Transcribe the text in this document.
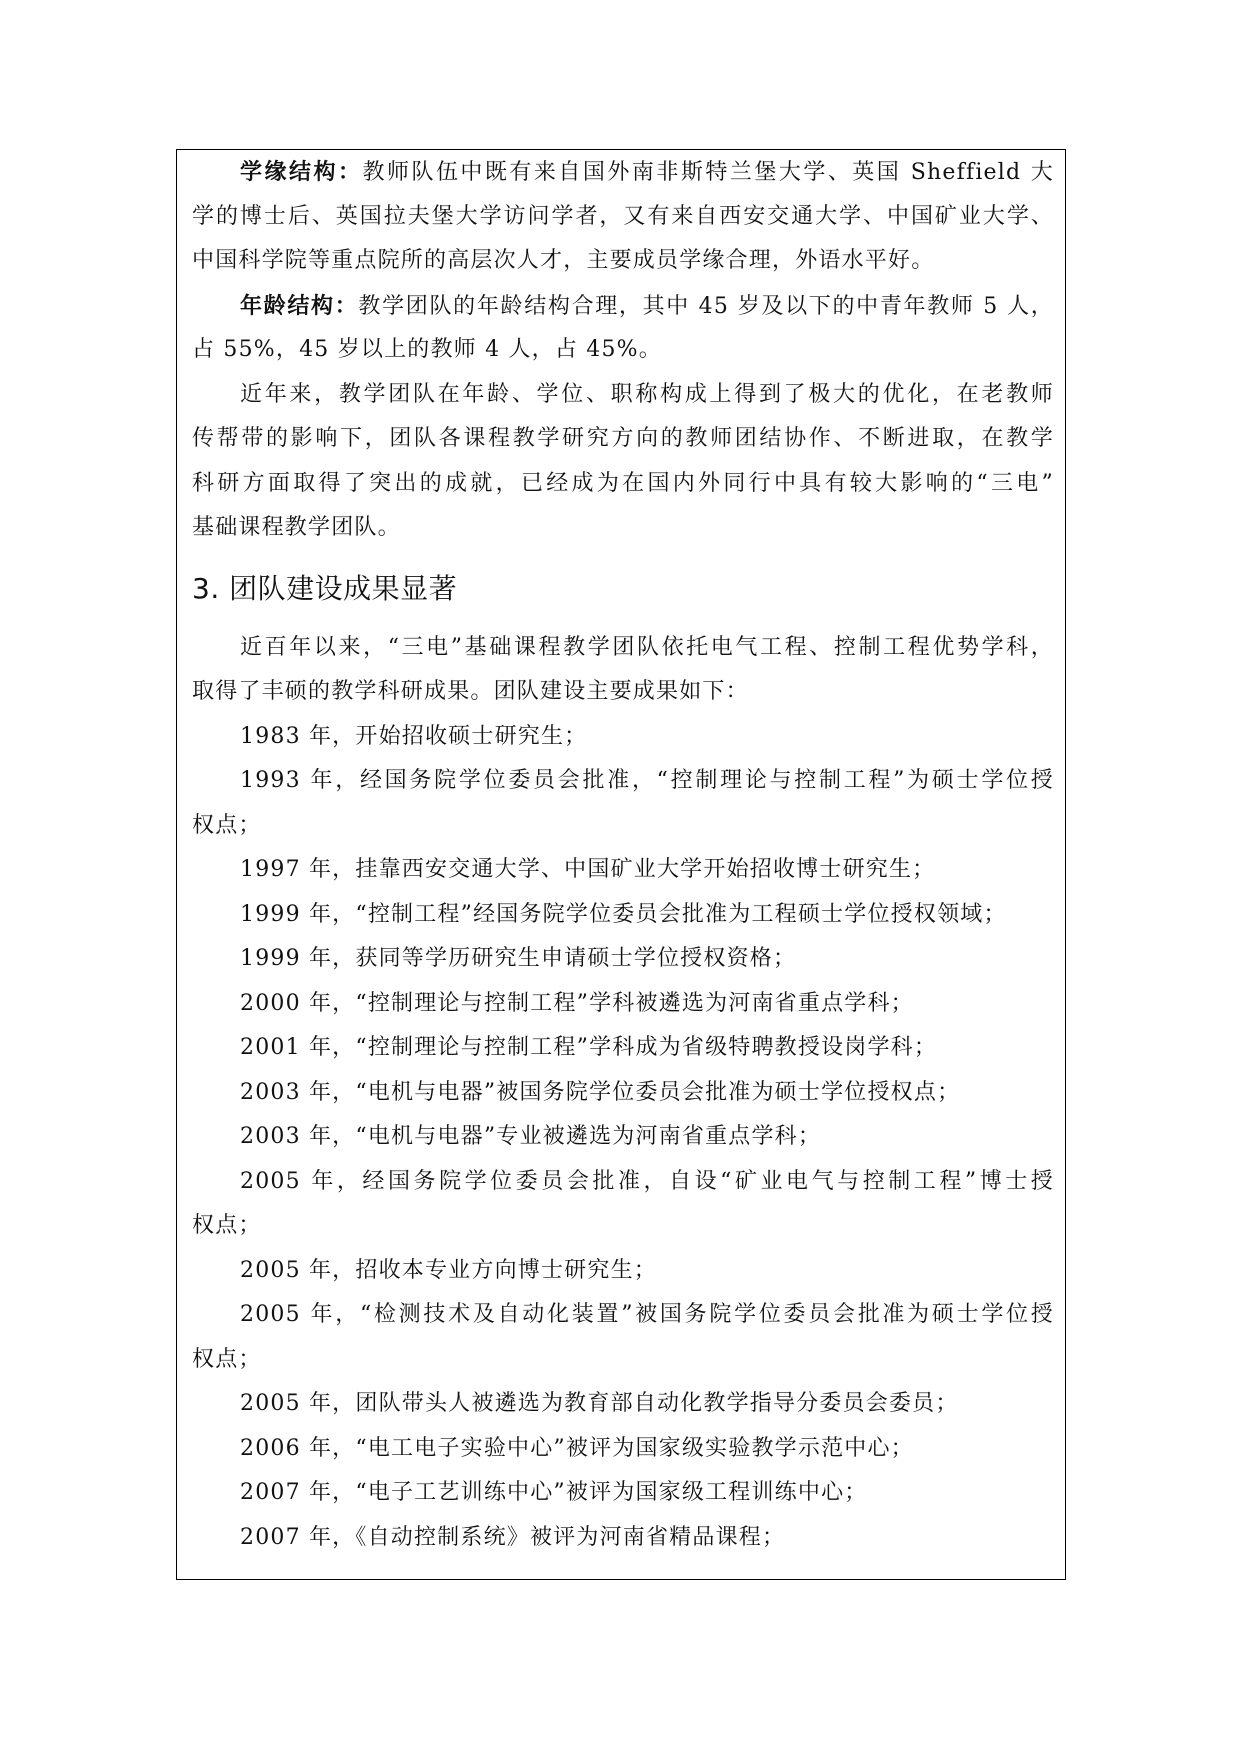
学缘结构：教师队伍中既有来自国外南非斯特兰堡大学、英国 Sheffield 大
学的博士后、英国拉夫堡大学访问学者，又有来自西安交通大学、中国矿业大学、
中国科学院等重点院所的高层次人才，主要成员学缘合理，外语水平好。
年龄结构：教学团队的年龄结构合理，其中 45 岁及以下的中青年教师 5 人，
占 55%，45 岁以上的教师 4 人，占 45%。
近年来，教学团队在年龄、学位、职称构成上得到了极大的优化，在老教师
传帮带的影响下，团队各课程教学研究方向的教师团结协作、不断进取，在教学
科研方面取得了突出的成就，已经成为在国内外同行中具有较大影响的“三电”
基础课程教学团队。
3. 团队建设成果显著
近百年以来，“三电”基础课程教学团队依托电气工程、控制工程优势学科，
取得了丰硕的教学科研成果。团队建设主要成果如下：
1983 年，开始招收硕士研究生；
1993 年，经国务院学位委员会批准，“控制理论与控制工程”为硕士学位授
权点；
1997 年，挂靠西安交通大学、中国矿业大学开始招收博士研究生；
1999 年，“控制工程”经国务院学位委员会批准为工程硕士学位授权领域；
1999 年，获同等学历研究生申请硕士学位授权资格；
2000 年，“控制理论与控制工程”学科被遴选为河南省重点学科；
2001 年，“控制理论与控制工程”学科成为省级特聘教授设岗学科；
2003 年，“电机与电器”被国务院学位委员会批准为硕士学位授权点；
2003 年，“电机与电器”专业被遴选为河南省重点学科；
2005 年，经国务院学位委员会批准，自设“矿业电气与控制工程”博士授
权点；
2005 年，招收本专业方向博士研究生；
2005 年，“检测技术及自动化装置”被国务院学位委员会批准为硕士学位授
权点；
2005 年，团队带头人被遴选为教育部自动化教学指导分委员会委员；
2006 年，“电工电子实验中心”被评为国家级实验教学示范中心；
2007 年，“电子工艺训练中心”被评为国家级工程训练中心；
2007 年，《自动控制系统》被评为河南省精品课程；
